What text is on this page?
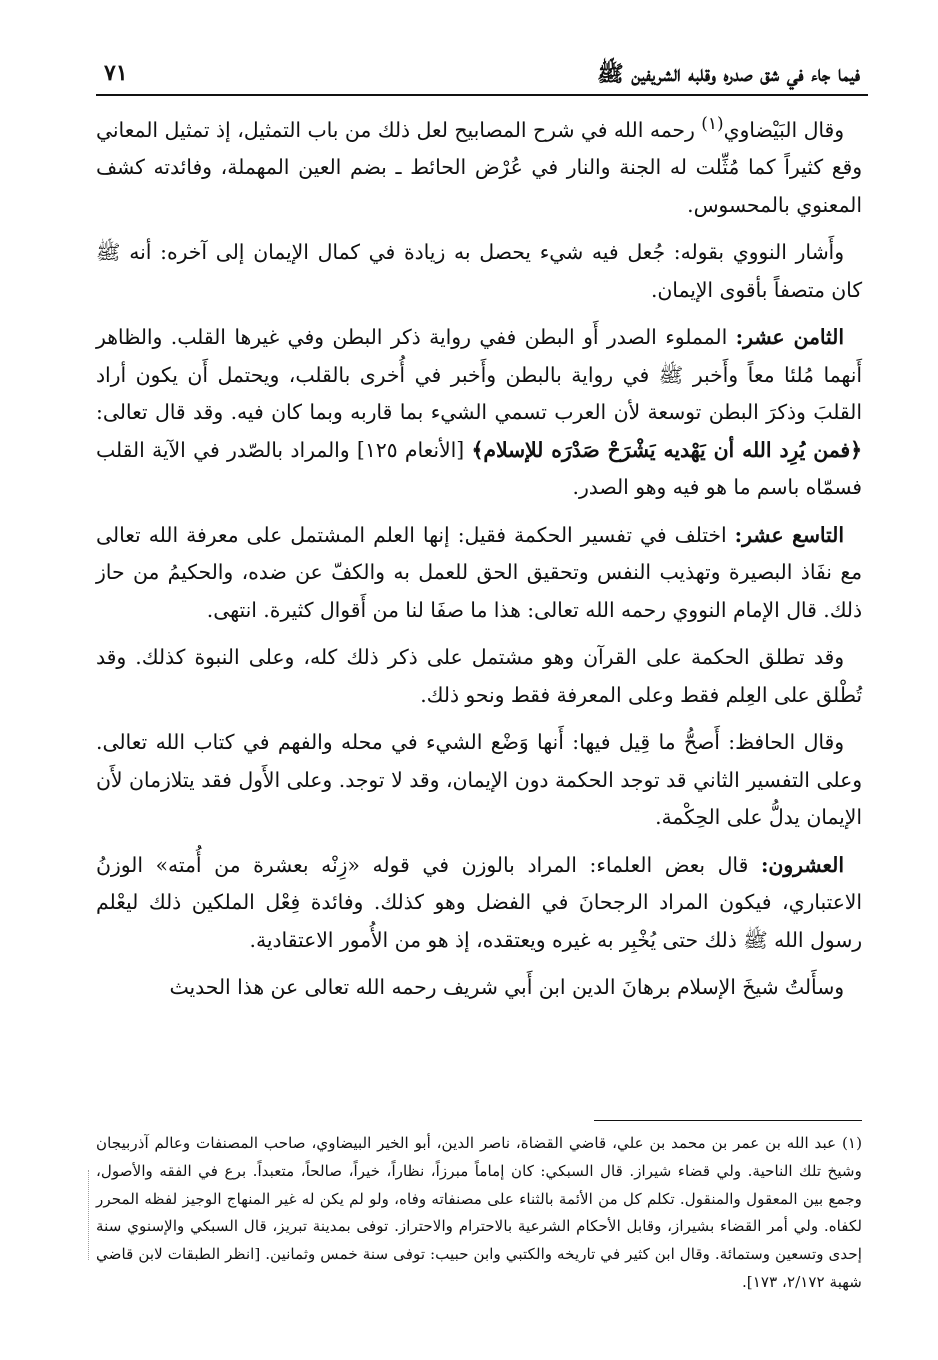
فيما جاء في شق صدره وقلبه الشريفين ﷺ
٧١

وقال البَيْضاوي$^{(١)}$ رحمه الله في شرح المصابيح لعل ذلك من باب التمثيل، إذ تمثيل المعاني وقع كثيراً كما مُثِّلت له الجنة والنار في عُرْض الحائط ـ بضم العين المهملة، وفائدته كشف المعنوي بالمحسوس.

وأَشار النووي بقوله: جُعل فيه شيء يحصل به زيادة في كمال الإيمان إلى آخره: أنه ﷺ كان متصفاً بأقوى الإيمان.

الثامن عشر: المملوء الصدر أَو البطن ففي رواية ذكر البطن وفي غيرها القلب. والظاهر أَنهما مُلئا معاً وأَخبر ﷺ في رواية بالبطن وأَخبر في أُخرى بالقلب، ويحتمل أَن يكون أراد القلبَ وذكرَ البطن توسعة لأن العرب تسمي الشيء بما قاربه وبما كان فيه. وقد قال تعالى: ﴿فمن يُرِد الله أن يَهْديه يَشْرَحْ صَدْرَه للإسلام﴾ [الأنعام ١٢٥] والمراد بالصّدر في الآية القلب فسمّاه باسم ما هو فيه وهو الصدر.

التاسع عشر: اختلف في تفسير الحكمة فقيل: إنها العلم المشتمل على معرفة الله تعالى مع نفَاذ البصيرة وتهذيب النفس وتحقيق الحق للعمل به والكفّ عن ضده، والحكيمُ من حاز ذلك. قال الإمام النووي رحمه الله تعالى: هذا ما صفَا لنا من أَقوال كثيرة. انتهى.

وقد تطلق الحكمة على القرآن وهو مشتمل على ذكر ذلك كله، وعلى النبوة كذلك. وقد تُطْلق على العِلم فقط وعلى المعرفة فقط ونحو ذلك.

وقال الحافظ: أَصحُّ ما قِيل فيها: أَنها وَضْع الشيء في محله والفهم في كتاب الله تعالى. وعلى التفسير الثاني قد توجد الحكمة دون الإيمان، وقد لا توجد. وعلى الأَول فقد يتلازمان لأَن الإيمان يدلُّ على الحِكْمة.

العشرون: قال بعض العلماء: المراد بالوزن في قوله «زِنْه بعشرة من أُمته» الوزنُ الاعتباري، فيكون المراد الرجحانَ في الفضل وهو كذلك. وفائدة فِعْل الملكين ذلك ليعْلم رسول الله ﷺ ذلك حتى يُخْبِر به غيره ويعتقده، إذ هو من الأُمور الاعتقادية.

وسأَلتُ شيخَ الإسلام برهانَ الدين ابن أَبي شريف رحمه الله تعالى عن هذا الحديث

(١) عبد الله بن عمر بن محمد بن علي، قاضي القضاة، ناصر الدين، أبو الخير البيضاوي، صاحب المصنفات وعالم آذربيجان وشيخ تلك الناحية. ولي قضاء شيراز. قال السبكي: كان إماماً مبرزاً، نظاراً، خيراً، صالحاً، متعبداً. برع في الفقه والأصول، وجمع بين المعقول والمنقول. تكلم كل من الأئمة بالثناء على مصنفاته وفاه، ولو لم يكن له غير المنهاج الوجيز لفظه المحرر لكفاه. ولي أمر القضاء بشيراز، وقابل الأحكام الشرعية بالاحترام والاحتراز. توفى بمدينة تبريز، قال السبكي والإسنوي سنة إحدى وتسعين وستمائة. وقال ابن كثير في تاريخه والكتبي وابن حبيب: توفى سنة خمس وثمانين. [انظر الطبقات لابن قاضي شهبة ٢/١٧٢، ١٧٣].
